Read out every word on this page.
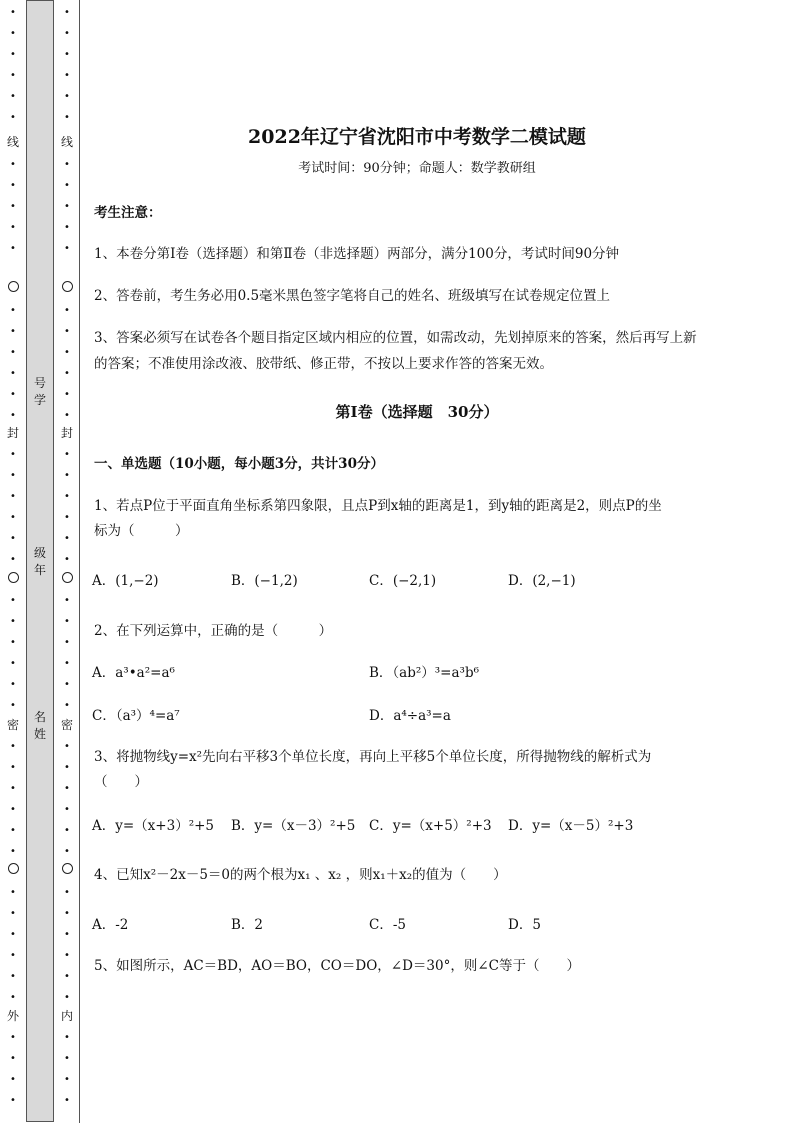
•
•
•
•
•
•
线
•
•
•
•
•
•
•
•
•
•
•
封
•
•
•
•
•
•
•
•
•
•
•
•
密
•
•
•
•
•
•
•
•
•
•
•
•
外
•
•
•
•
号
学
级
年
名
姓
•
•
•
•
•
•
线
•
•
•
•
•
•
•
•
•
•
•
封
•
•
•
•
•
•
•
•
•
•
•
•
密
•
•
•
•
•
•
•
•
•
•
•
•
内
•
•
•
•
2022年辽宁省沈阳市中考数学二模试题
考试时间：90分钟；命题人：数学教研组
考生注意：
1、本卷分第I卷（选择题）和第Ⅱ卷（非选择题）两部分，满分100分，考试时间90分钟
2、答卷前，考生务必用0.5毫米黑色签字笔将自己的姓名、班级填写在试卷规定位置上
3、答案必须写在试卷各个题目指定区域内相应的位置，如需改动，先划掉原来的答案，然后再写上新
的答案；不准使用涂改液、胶带纸、修正带，不按以上要求作答的答案无效。
第I卷（选择题　30分）
一、单选题（10小题，每小题3分，共计30分）
1、若点P位于平面直角坐标系第四象限，且点P到x轴的距离是1，到y轴的距离是2，则点P的坐
标为（　　　）
A．(1,−2)	B．(−1,2)	C．(−2,1)	D．(2,−1)
2、在下列运算中，正确的是（　　　）
A．a³•a²=a⁶	B．（ab²）³=a³b⁶
C．（a³）⁴=a⁷	D．a⁴÷a³=a
3、将抛物线y=x²先向右平移3个单位长度，再向上平移5个单位长度，所得抛物线的解析式为
（　　）
A．y=（x+3）²+5 B．y=（x－3）²+5 C．y=（x+5）²+3 D．y=（x－5）²+3
4、已知x²－2x－5＝0的两个根为x₁ 、x₂ ，则x₁＋x₂的值为（　　）
A．-2	B．2	C．-5	D．5
5、如图所示，AC＝BD，AO＝BO，CO＝DO，∠D＝30°，则∠C等于（　　）
